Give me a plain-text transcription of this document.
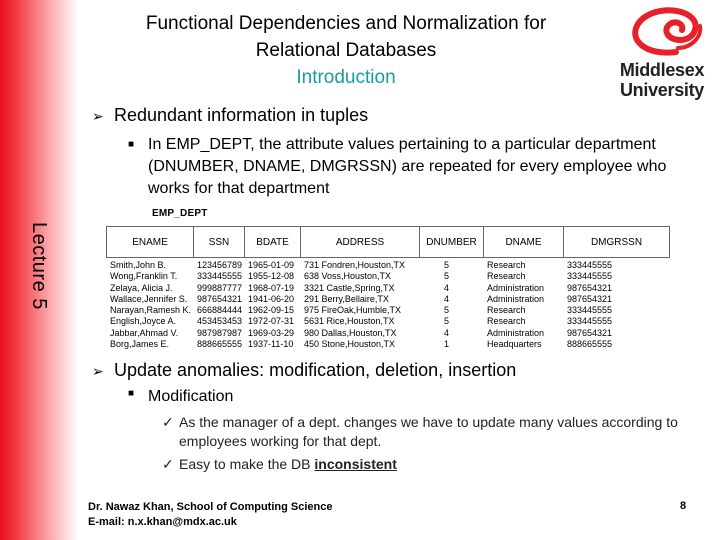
Lecture 5
Functional Dependencies and Normalization for
Relational Databases
Introduction	Middlesex
University
➢ Redundant information in tuples
■ In EMP_DEPT, the attribute values pertaining to a particular department (DNUMBER, DNAME, DMGRSSN) are repeated for every employee who works for that department
EMP_DEPT
ENAME	SSN	BDATE	ADDRESS	DNUMBER	DNAME	DMGRSSN
Smith,John B.	123456789	1965-01-09	731 Fondren,Houston,TX	5	Research	333445555
Wong,Franklin T.	333445555	1955-12-08	638 Voss,Houston,TX	5	Research	333445555
Zelaya, Alicia J.	999887777	1968-07-19	3321 Castle,Spring,TX	4	Administration	987654321
Wallace,Jennifer S.	987654321	1941-06-20	291 Berry,Bellaire,TX	4	Administration	987654321
Narayan,Ramesh K.	666884444	1962-09-15	975 FireOak,Humble,TX	5	Research	333445555
English,Joyce A.	453453453	1972-07-31	5631 Rice,Houston,TX	5	Research	333445555
Jabbar,Ahmad V.	987987987	1969-03-29	980 Dallas,Houston,TX	4	Administration	987654321
Borg,James E.	888665555	1937-11-10	450 Stone,Houston,TX	1	Headquarters	888665555
➢ Update anomalies: modification, deletion, insertion
■ Modification
✓ As the manager of a dept. changes we have to update many values according to employees working for that dept.
✓ Easy to make the DB inconsistent
Dr. Nawaz Khan, School of Computing Science
E-mail: n.x.khan@mdx.ac.uk
8
